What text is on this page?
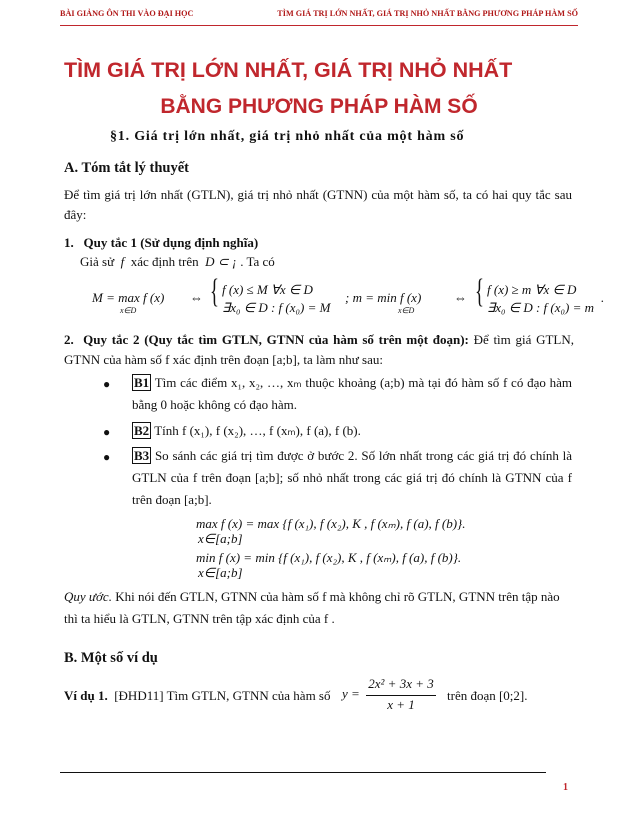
BÀI GIẢNG ÔN THI VÀO ĐẠI HỌC	TÌM GIÁ TRỊ LỚN NHẤT, GIÁ TRỊ NHỎ NHẤT BẰNG PHƯƠNG PHÁP HÀM SỐ
TÌM GIÁ TRỊ LỚN NHẤT, GIÁ TRỊ NHỎ NHẤT
BẰNG PHƯƠNG PHÁP HÀM SỐ
§1. Giá trị lớn nhất, giá trị nhỏ nhất của một hàm số
A. Tóm tắt lý thuyết
Để tìm giá trị lớn nhất (GTLN), giá trị nhỏ nhất (GTNN) của một hàm số, ta có hai quy tắc sau đây:
1. Quy tắc 1 (Sử dụng định nghĩa)
Giả sử f xác định trên D ⊂ ¡ . Ta có
M = max f (x)
x∈D
⇔ { f (x) ≤ M ∀x ∈ D
∃x₀ ∈ D : f (x₀) = M
; m = min f (x)
x∈D
⇔ { f (x) ≥ m ∀x ∈ D
∃x₀ ∈ D : f (x₀) = m
.
2. Quy tắc 2 (Quy tắc tìm GTLN, GTNN của hàm số trên một đoạn): Để tìm giá GTLN, GTNN của hàm số f xác định trên đoạn [a;b], ta làm như sau:
● B1 Tìm các điểm x₁, x₂, …, xₘ thuộc khoảng (a;b) mà tại đó hàm số f có đạo hàm bằng 0 hoặc không có đạo hàm.
● B2 Tính f (x₁), f (x₂), …, f (xₘ), f (a), f (b).
● B3 So sánh các giá trị tìm được ở bước 2. Số lớn nhất trong các giá trị đó chính là GTLN của f trên đoạn [a;b]; số nhỏ nhất trong các giá trị đó chính là GTNN của f trên đoạn [a;b].
max f (x) = max {f (x₁), f (x₂), K , f (xₘ), f (a), f (b)}.
x∈[a;b]
min f (x) = min {f (x₁), f (x₂), K , f (xₘ), f (a), f (b)}.
x∈[a;b]
Quy ước. Khi nói đến GTLN, GTNN của hàm số f mà không chỉ rõ GTLN, GTNN trên tập nào thì ta hiểu là GTLN, GTNN trên tập xác định của f .
B. Một số ví dụ
Ví dụ 1. [ĐHD11] Tìm GTLN, GTNN của hàm số y =
2x² + 3x + 3
x + 1
trên đoạn [0;2].
1
